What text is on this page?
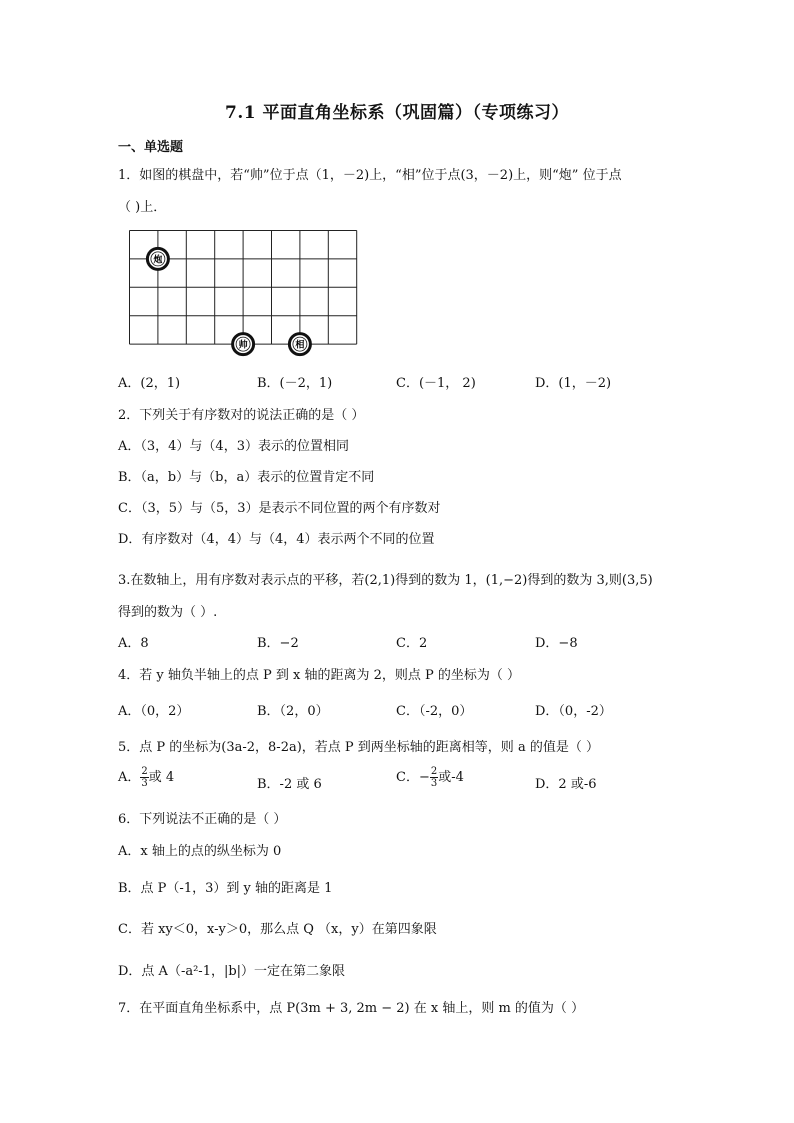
7.1 平面直角坐标系（巩固篇）（专项练习）
一、单选题
1．如图的棋盘中，若“帅”位于点（1，－2)上，“相”位于点(3，－2)上，则“炮” 位于点
（ )上．
炮
帅	相
A．(2，1)	B．(－2，1)	C．(－1， 2)	D．(1，－2)
2．下列关于有序数对的说法正确的是（ ）
A．（3，4）与（4，3）表示的位置相同
B．（a，b）与（b，a）表示的位置肯定不同
C．（3，5）与（5，3）是表示不同位置的两个有序数对
D．有序数对（4，4）与（4，4）表示两个不同的位置
3.在数轴上，用有序数对表示点的平移，若(2,1)得到的数为 1，(1,−2)得到的数为 3,则(3,5)
得到的数为（ ）.
A．8	B．−2	C．2	D．−8
4．若 y 轴负半轴上的点 P 到 x 轴的距离为 2，则点 P 的坐标为（ ）
A．（0，2）	B．（2，0）	C．（-2，0）	D．（0，-2）
5．点 P 的坐标为(3a-2，8-2a)，若点 P 到两坐标轴的距离相等，则 a 的值是（ ）
A． $\frac{2}{3}$ 或 4	B．-2 或 6	C．− $\frac{2}{3}$ 或-4	D．2 或-6
6．下列说法不正确的是（ ）
A．x 轴上的点的纵坐标为 0
B．点 P（-1，3）到 y 轴的距离是 1
C．若 xy＜0，x-y＞0，那么点 Q （x，y）在第四象限
D．点 A（-a²-1，|b|）一定在第二象限
7．在平面直角坐标系中，点 P(3m + 3, 2m − 2) 在 x 轴上，则 m 的值为（ ）
